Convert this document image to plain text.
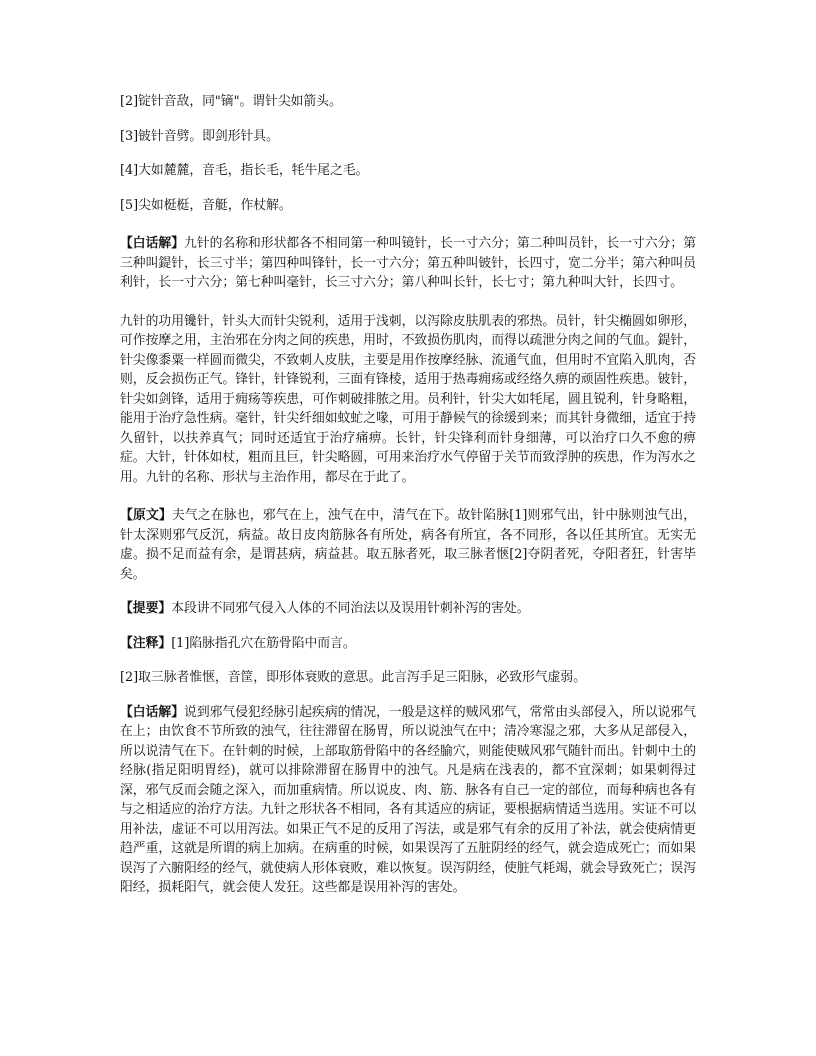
[2]锭针音敌，同"镝"。谓针尖如箭头。

[3]铍针音劈。即剑形针具。

[4]大如麓麓，音毛，指长毛，牦牛尾之毛。

[5]尖如梃梃，音艇，作杖解。

【白话解】九针的名称和形状都各不相同第一种叫镜针，长一寸六分；第二种叫员针，长一寸六分；第三种叫鍉针，长三寸半；第四种叫锋针，长一寸六分；第五种叫铍针，长四寸，宽二分半；第六种叫员利针，长一寸六分；第七种叫毫针，长三寸六分；第八种叫长针，长七寸；第九种叫大针，长四寸。

九针的功用镵针，针头大而针尖锐利，适用于浅刺，以泻除皮肤肌表的邪热。员针，针尖椭圆如卵形，可作按摩之用，主治邪在分肉之间的疾患，用时，不致损伤肌肉，而得以疏泄分肉之间的气血。鍉针，针尖像黍粟一样圆而微尖，不致刺人皮肤，主要是用作按摩经脉、流通气血，但用时不宜陷入肌肉，否则，反会损伤正气。锋针，针锋锐利，三面有锋棱，适用于热毒痈疡或经络久痹的顽固性疾患。铍针，针尖如剑锋，适用于痈疡等疾患，可作刺破排脓之用。员利针，针尖大如牦尾，圆且锐利，针身略粗，能用于治疗急性病。毫针，针尖纤细如蚊虻之喙，可用于静候气的徐缓到来；而其针身微细，适宜于持久留针，以扶养真气；同时还适宜于治疗痛痹。长针，针尖锋利而针身细薄，可以治疗口久不愈的痹症。大针，针体如杖，粗而且巨，针尖略圆，可用来治疗水气停留于关节而致浮肿的疾患，作为泻水之用。九针的名称、形状与主治作用，都尽在于此了。

【原文】夫气之在脉也，邪气在上，浊气在中，清气在下。故针陷脉[1]则邪气出，针中脉则浊气出，针太深则邪气反沉，病益。故日皮肉筋脉各有所处，病各有所宜，各不同形，各以任其所宜。无实无虚。损不足而益有余，是谓甚病，病益甚。取五脉者死，取三脉者惬[2]夺阴者死，夺阳者狂，针害毕矣。

【提要】本段讲不同邪气侵入人体的不同治法以及误用针刺补泻的害处。

【注释】[1]陷脉指孔穴在筋骨陷中而言。

[2]取三脉者惟惬，音筐，即形体衰败的意思。此言泻手足三阳脉，必致形气虚弱。

【白话解】说到邪气侵犯经脉引起疾病的情况，一般是这样的贼风邪气，常常由头部侵入，所以说邪气在上；由饮食不节所致的浊气，往往滞留在肠胃，所以说浊气在中；清冷寒湿之邪，大多从足部侵入，所以说清气在下。在针刺的时候，上部取筋骨陷中的各经腧穴，则能使贼风邪气随针而出。针刺中土的经脉(指足阳明胃经)，就可以排除滞留在肠胃中的浊气。凡是病在浅表的，都不宜深刺；如果刺得过深，邪气反而会随之深入，而加重病情。所以说皮、肉、筋、脉各有自己一定的部位，而每种病也各有与之相适应的治疗方法。九针之形状各不相同，各有其适应的病证，要根据病情适当选用。实证不可以用补法，虚证不可以用泻法。如果正气不足的反用了泻法，或是邪气有余的反用了补法，就会使病情更趋严重，这就是所谓的病上加病。在病重的时候，如果误泻了五脏阴经的经气，就会造成死亡；而如果误泻了六腑阳经的经气，就使病人形体衰败，难以恢复。误泻阴经，使脏气耗竭，就会导致死亡；误泻阳经，损耗阳气，就会使人发狂。这些都是误用补泻的害处。
